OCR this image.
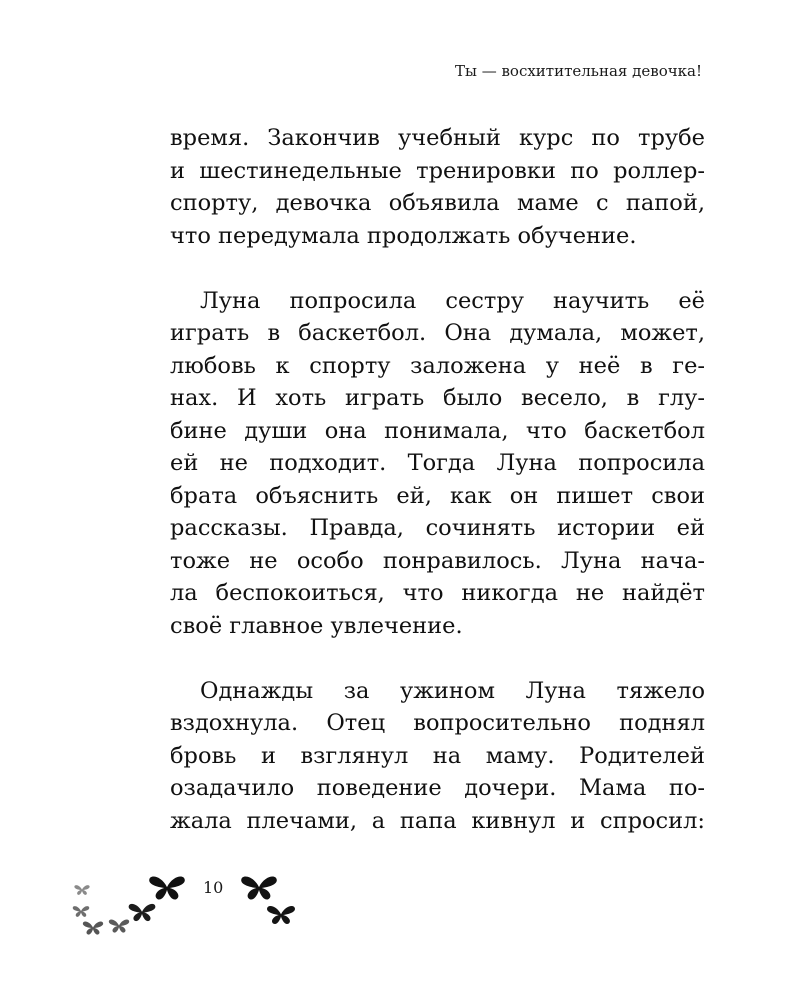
Ты — восхитительная девочка!
время. Закончив учебный курс по трубе
и шестинедельные тренировки по роллер-
спорту, девочка объявила маме с папой,
что передумала продолжать обучение.
Луна попросила сестру научить её
играть в баскетбол. Она думала, может,
любовь к спорту заложена у неё в ге-
нах. И хоть играть было весело, в глу-
бине души она понимала, что баскетбол
ей не подходит. Тогда Луна попросила
брата объяснить ей, как он пишет свои
рассказы. Правда, сочинять истории ей
тоже не особо понравилось. Луна нача-
ла беспокоиться, что никогда не найдёт
своё главное увлечение.
Однажды за ужином Луна тяжело
вздохнула. Отец вопросительно поднял
бровь и взглянул на маму. Родителей
озадачило поведение дочери. Мама по-
жала плечами, а папа кивнул и спросил:
10
